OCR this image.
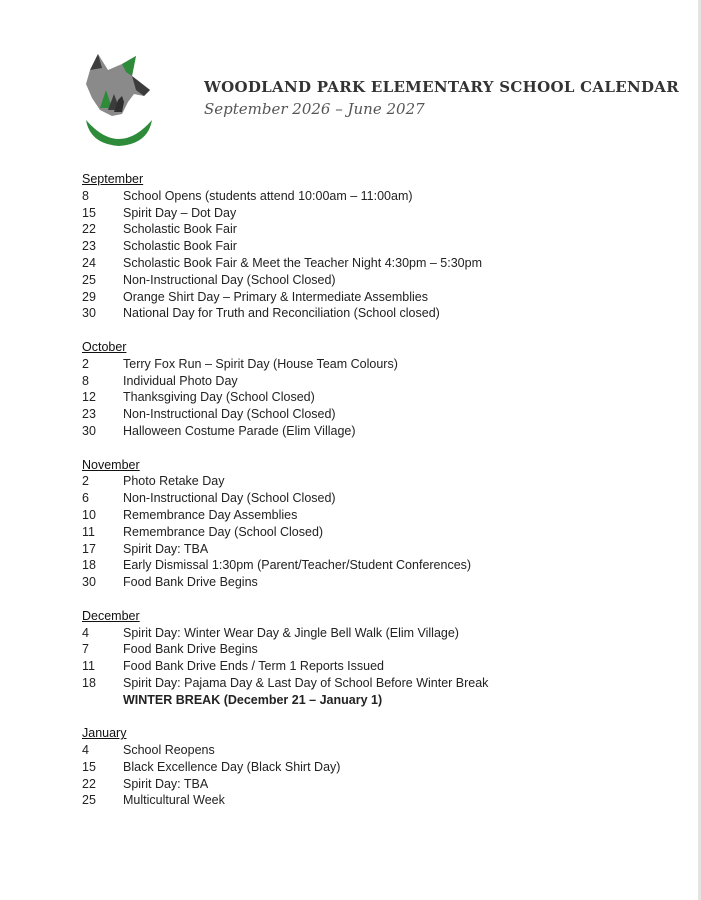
WOODLAND PARK ELEMENTARY SCHOOL CALENDAR
September 2026 – June 2027
September
8	School Opens (students attend 10:00am – 11:00am)
15	Spirit Day – Dot Day
22	Scholastic Book Fair
23	Scholastic Book Fair
24	Scholastic Book Fair & Meet the Teacher Night 4:30pm – 5:30pm
25	Non-Instructional Day (School Closed)
29	Orange Shirt Day – Primary & Intermediate Assemblies
30	National Day for Truth and Reconciliation (School closed)
October
2	Terry Fox Run – Spirit Day (House Team Colours)
8	Individual Photo Day
12	Thanksgiving Day (School Closed)
23	Non-Instructional Day (School Closed)
30	Halloween Costume Parade (Elim Village)
November
2	Photo Retake Day
6	Non-Instructional Day (School Closed)
10	Remembrance Day Assemblies
11	Remembrance Day (School Closed)
17	Spirit Day: TBA
18	Early Dismissal 1:30pm (Parent/Teacher/Student Conferences)
30	Food Bank Drive Begins
December
4	Spirit Day: Winter Wear Day & Jingle Bell Walk (Elim Village)
7	Food Bank Drive Begins
11	Food Bank Drive Ends / Term 1 Reports Issued
18	Spirit Day: Pajama Day & Last Day of School Before Winter Break
WINTER BREAK (December 21 – January 1)
January
4	School Reopens
15	Black Excellence Day (Black Shirt Day)
22	Spirit Day: TBA
25	Multicultural Week
